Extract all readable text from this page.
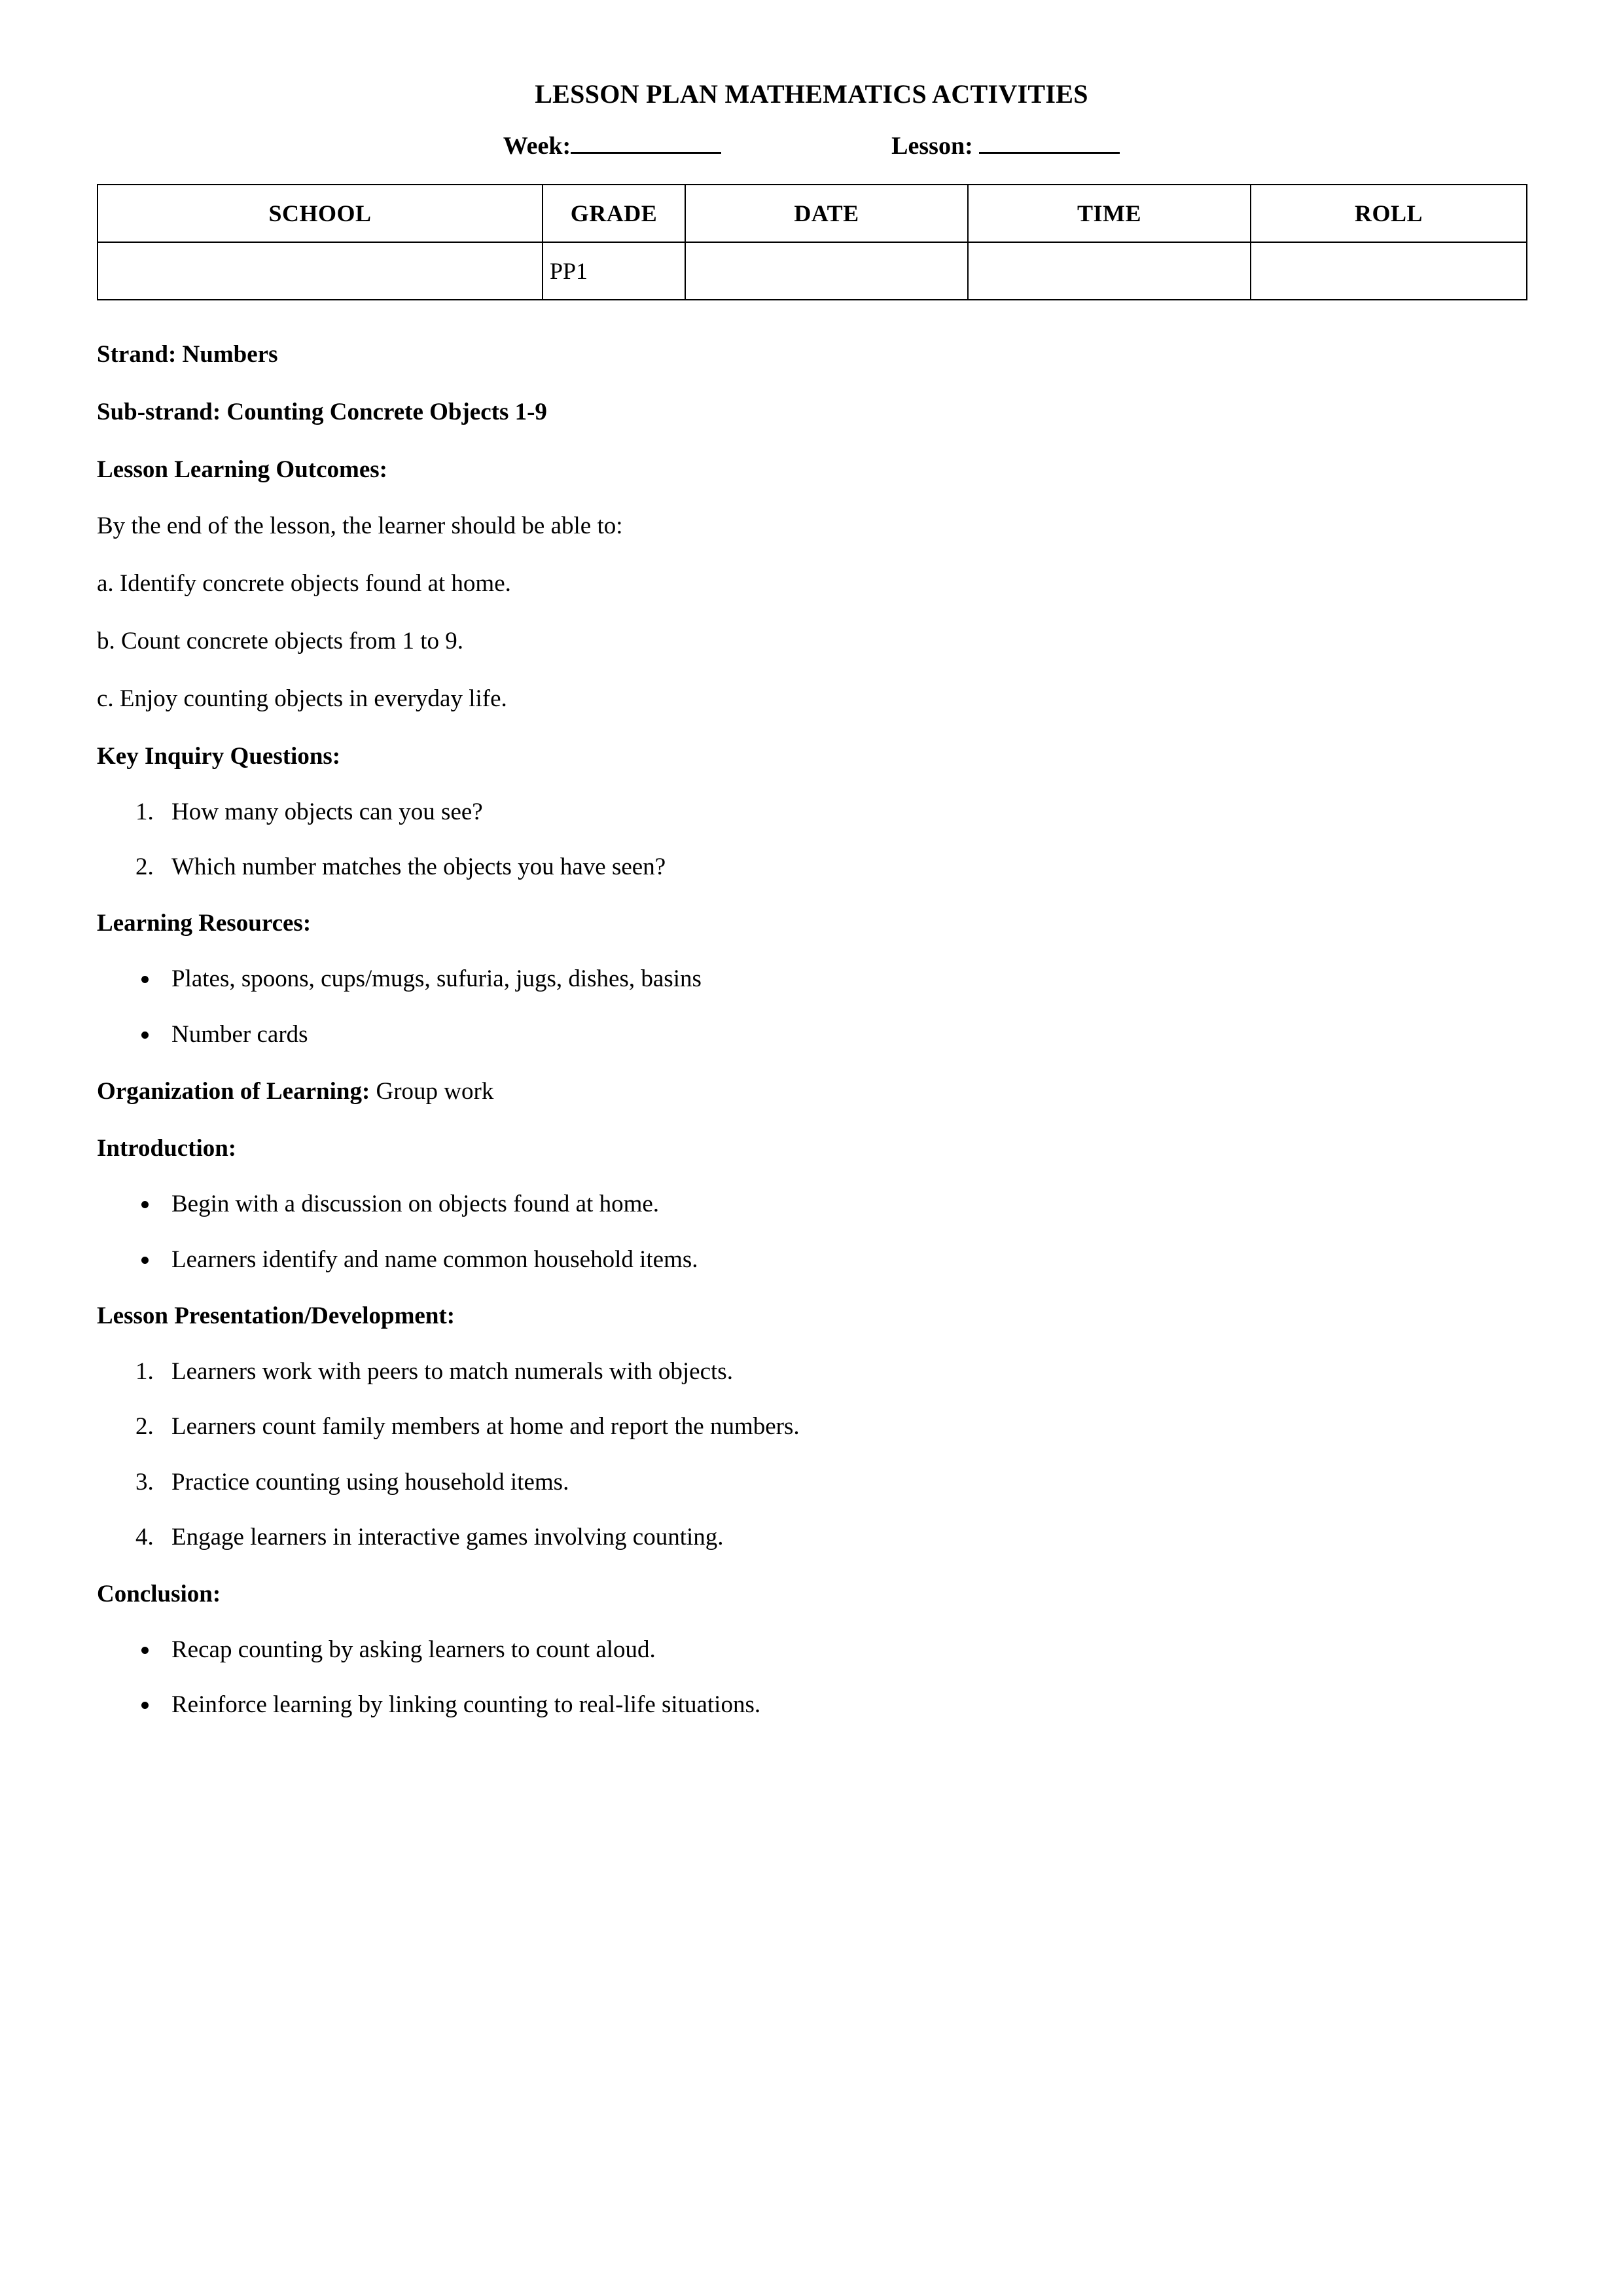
LESSON PLAN MATHEMATICS ACTIVITIES
Week:	Lesson:
SCHOOL	GRADE	DATE	TIME	ROLL
	PP1			
Strand: Numbers
Sub-strand: Counting Concrete Objects 1-9
Lesson Learning Outcomes:
By the end of the lesson, the learner should be able to:
a. Identify concrete objects found at home.
b. Count concrete objects from 1 to 9.
c. Enjoy counting objects in everyday life.
Key Inquiry Questions:
1. How many objects can you see?
2. Which number matches the objects you have seen?
Learning Resources:
• Plates, spoons, cups/mugs, sufuria, jugs, dishes, basins
• Number cards
Organization of Learning: Group work
Introduction:
• Begin with a discussion on objects found at home.
• Learners identify and name common household items.
Lesson Presentation/Development:
1. Learners work with peers to match numerals with objects.
2. Learners count family members at home and report the numbers.
3. Practice counting using household items.
4. Engage learners in interactive games involving counting.
Conclusion:
• Recap counting by asking learners to count aloud.
• Reinforce learning by linking counting to real-life situations.
